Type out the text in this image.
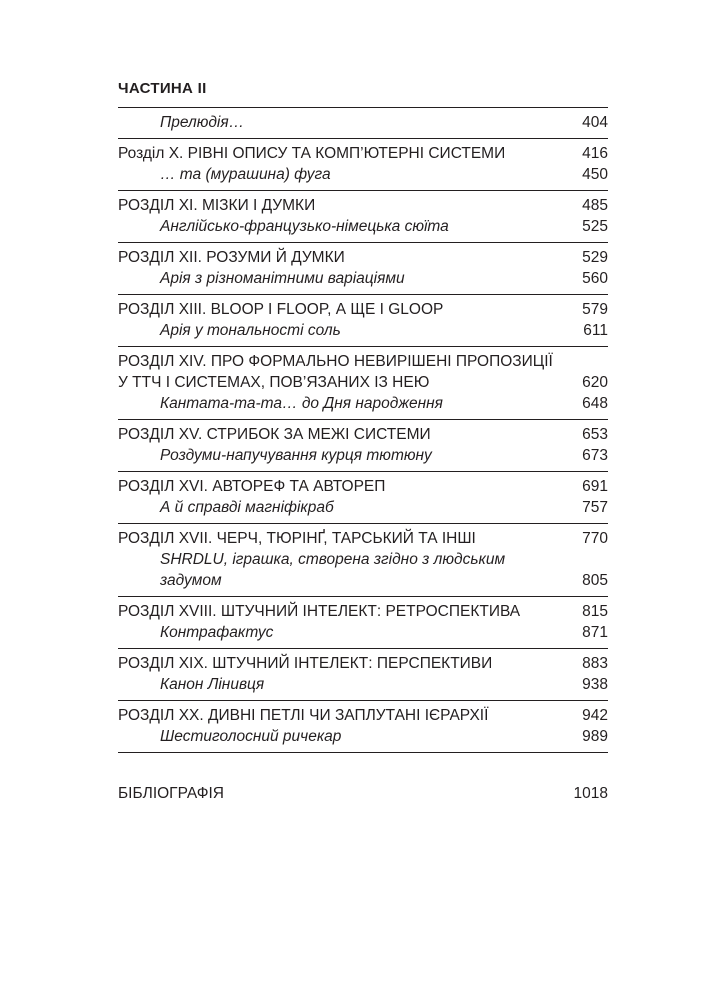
ЧАСТИНА II
Прелюдія…	404
Розділ X. РІВНІ ОПИСУ ТА КОМП’ЮТЕРНІ СИСТЕМИ	416
… та (мурашина) фуга	450
РОЗДІЛ XI. МІЗКИ І ДУМКИ	485
Англійсько-французько-німецька сюїта	525
РОЗДІЛ XII. РОЗУМИ Й ДУМКИ	529
Арія з різноманітними варіаціями	560
РОЗДІЛ XIII. BLOOP І FLOOP, А ЩЕ І GLOOP	579
Арія у тональності соль	611
РОЗДІЛ XIV. ПРО ФОРМАЛЬНО НЕВИРІШЕНІ ПРОПОЗИЦІЇ У ТТЧ І СИСТЕМАХ, ПОВ’ЯЗАНИХ ІЗ НЕЮ	620
Кантата-та-та… до Дня народження	648
РОЗДІЛ XV. СТРИБОК ЗА МЕЖІ СИСТЕМИ	653
Роздуми-напучування курця тютюну	673
РОЗДІЛ XVI. АВТОРЕФ ТА АВТОРЕП	691
А й справді магніфікраб	757
РОЗДІЛ XVII. ЧЕРЧ, ТЮРІНҐ, ТАРСЬКИЙ ТА ІНШІ	770
SHRDLU, іграшка, створена згідно з людським задумом	805
РОЗДІЛ XVIII. ШТУЧНИЙ ІНТЕЛЕКТ: РЕТРОСПЕКТИВА	815
Контрафактус	871
РОЗДІЛ XIX. ШТУЧНИЙ ІНТЕЛЕКТ: ПЕРСПЕКТИВИ	883
Канон Лінивця	938
РОЗДІЛ XX. ДИВНІ ПЕТЛІ ЧИ ЗАПЛУТАНІ ІЄРАРХІЇ	942
Шестиголосний ричекар	989
БІБЛІОГРАФІЯ	1018
